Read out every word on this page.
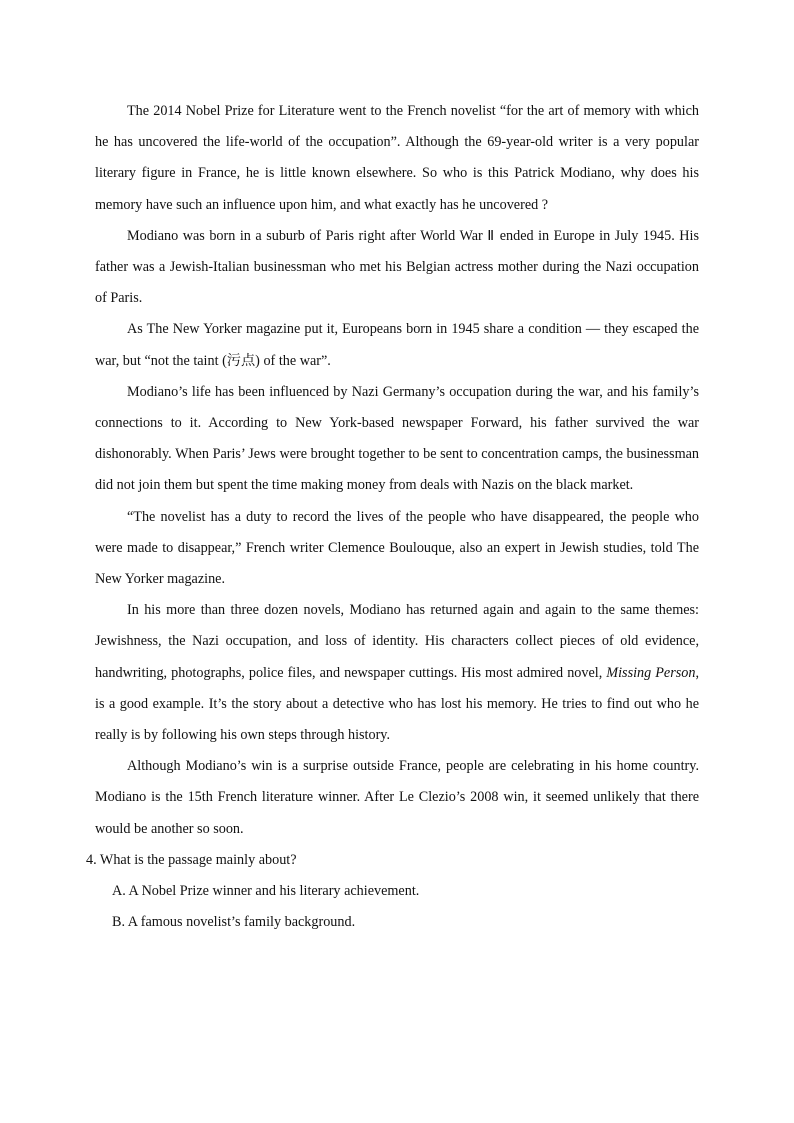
The 2014 Nobel Prize for Literature went to the French novelist “for the art of memory with which he has uncovered the life-world of the occupation”. Although the 69-year-old writer is a very popular literary figure in France, he is little known elsewhere. So who is this Patrick Modiano, why does his memory have such an influence upon him, and what exactly has he uncovered ?

Modiano was born in a suburb of Paris right after World War Ⅱ ended in Europe in July 1945. His father was a Jewish-Italian businessman who met his Belgian actress mother during the Nazi occupation of Paris.

As The New Yorker magazine put it, Europeans born in 1945 share a condition — they escaped the war, but “not the taint (污点) of the war”.

Modiano’s life has been influenced by Nazi Germany’s occupation during the war, and his family’s connections to it. According to New York-based newspaper Forward, his father survived the war dishonorably. When Paris’ Jews were brought together to be sent to concentration camps, the businessman did not join them but spent the time making money from deals with Nazis on the black market.

“The novelist has a duty to record the lives of the people who have disappeared, the people who were made to disappear,” French writer Clemence Boulouque, also an expert in Jewish studies, told The New Yorker magazine.

In his more than three dozen novels, Modiano has returned again and again to the same themes: Jewishness, the Nazi occupation, and loss of identity. His characters collect pieces of old evidence, handwriting, photographs, police files, and newspaper cuttings. His most admired novel, Missing Person, is a good example. It’s the story about a detective who has lost his memory. He tries to find out who he really is by following his own steps through history.

Although Modiano’s win is a surprise outside France, people are celebrating in his home country. Modiano is the 15th French literature winner. After Le Clezio’s 2008 win, it seemed unlikely that there would be another so soon.

4. What is the passage mainly about?

A. A Nobel Prize winner and his literary achievement.

B. A famous novelist’s family background.
